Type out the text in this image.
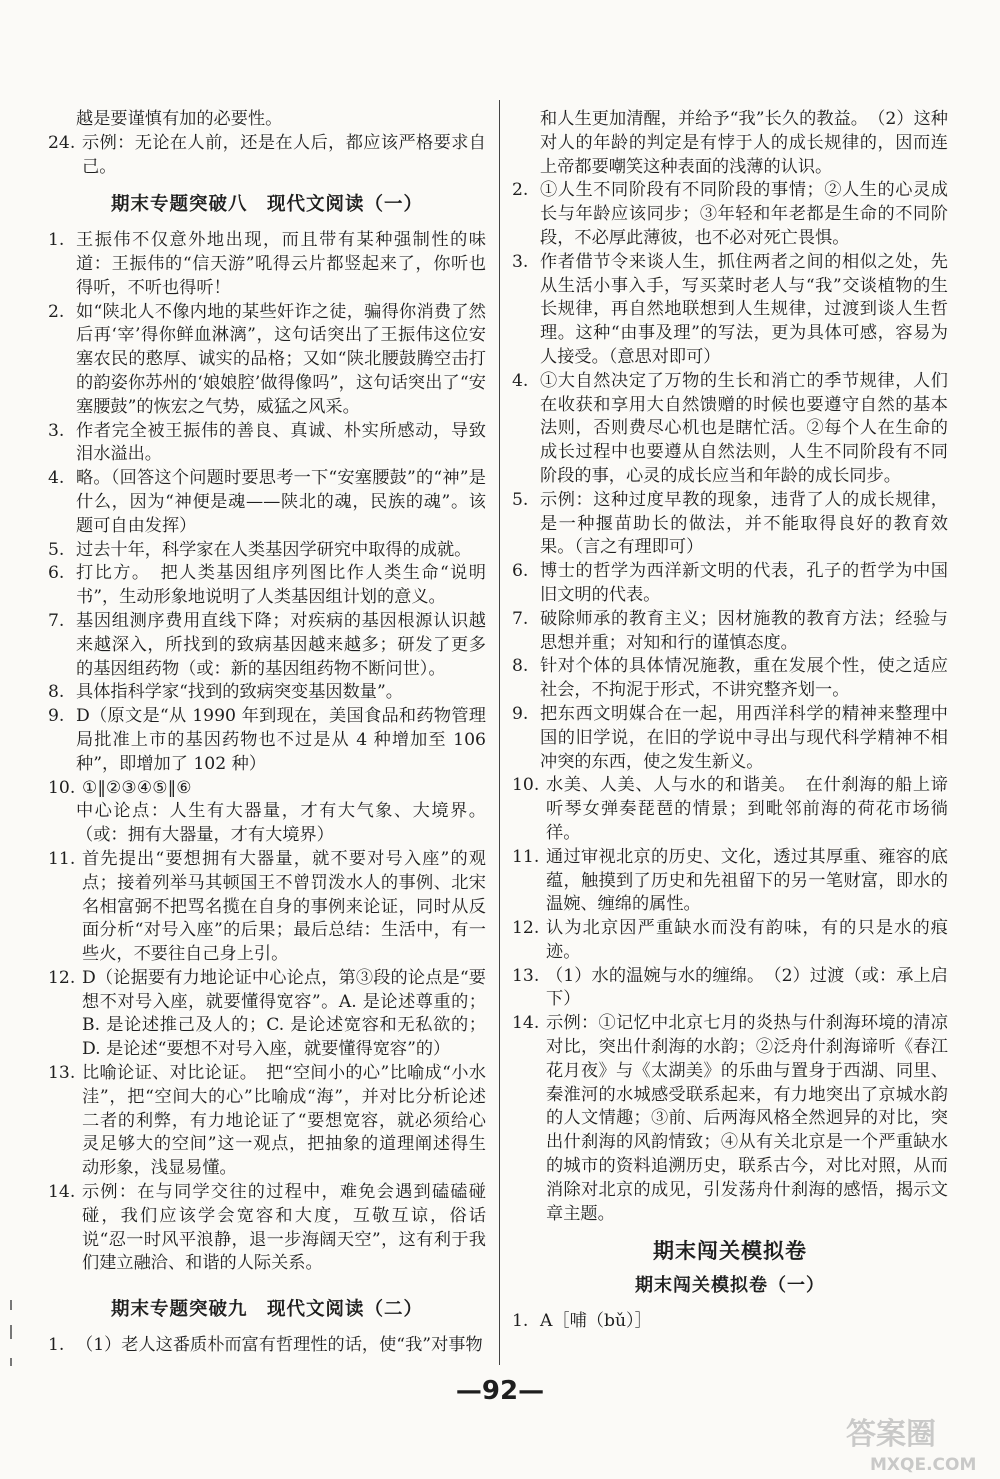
越是要谨慎有加的必要性。
24. 示例：无论在人前，还是在人后，都应该严格要求自己。
期末专题突破八　现代文阅读（一）
1. 王振伟不仅意外地出现，而且带有某种强制性的味道：王振伟的“信天游”吼得云片都竖起来了，你听也得听，不听也得听！
2. 如“陕北人不像内地的某些奸诈之徒，骗得你消费了然后再‘宰’得你鲜血淋漓”，这句话突出了王振伟这位安塞农民的憨厚、诚实的品格；又如“陕北腰鼓腾空击打的韵姿你苏州的‘娘娘腔’做得像吗”，这句话突出了“安塞腰鼓”的恢宏之气势，威猛之风采。
3. 作者完全被王振伟的善良、真诚、朴实所感动，导致泪水溢出。
4. 略。（回答这个问题时要思考一下“安塞腰鼓”的“神”是什么，因为“神便是魂——陕北的魂，民族的魂”。该题可自由发挥）
5. 过去十年，科学家在人类基因学研究中取得的成就。
6. 打比方。　把人类基因组序列图比作人类生命“说明书”，生动形象地说明了人类基因组计划的意义。
7. 基因组测序费用直线下降；对疾病的基因根源认识越来越深入，所找到的致病基因越来越多；研发了更多的基因组药物（或：新的基因组药物不断问世）。
8. 具体指科学家“找到的致病突变基因数量”。
9. D（原文是“从 1990 年到现在，美国食品和药物管理局批准上市的基因药物也不过是从 4 种增加至 106 种”，即增加了 102 种）
10. ①‖②③④⑤‖⑥
中心论点：人生有大器量，才有大气象、大境界。（或：拥有大器量，才有大境界）
11. 首先提出“要想拥有大器量，就不要对号入座”的观点；接着列举马其顿国王不曾罚泼水人的事例、北宋名相富弼不把骂名揽在自身的事例来论证，同时从反面分析“对号入座”的后果；最后总结：生活中，有一些火，不要往自己身上引。
12. D（论据要有力地论证中心论点，第③段的论点是“要想不对号入座，就要懂得宽容”。A. 是论述尊重的；B. 是论述推己及人的；C. 是论述宽容和无私欲的；D. 是论述“要想不对号入座，就要懂得宽容”的）
13. 比喻论证、对比论证。　把“空间小的心”比喻成“小水洼”，把“空间大的心”比喻成“海”，并对比分析论述二者的利弊，有力地论证了“要想宽容，就必须给心灵足够大的空间”这一观点，把抽象的道理阐述得生动形象，浅显易懂。
14. 示例：在与同学交往的过程中，难免会遇到磕磕碰碰，我们应该学会宽容和大度，互敬互谅，俗话说“忍一时风平浪静，退一步海阔天空”，这有利于我们建立融洽、和谐的人际关系。
期末专题突破九　现代文阅读（二）
1. （1）老人这番质朴而富有哲理性的话，使“我”对事物
和人生更加清醒，并给予“我”长久的教益。　（2）这种对人的年龄的判定是有悖于人的成长规律的，因而连上帝都要嘲笑这种表面的浅薄的认识。
2. ①人生不同阶段有不同阶段的事情；②人生的心灵成长与年龄应该同步；③年轻和年老都是生命的不同阶段，不必厚此薄彼，也不必对死亡畏惧。
3. 作者借节令来谈人生，抓住两者之间的相似之处，先从生活小事入手，写买菜时老人与“我”交谈植物的生长规律，再自然地联想到人生规律，过渡到谈人生哲理。这种“由事及理”的写法，更为具体可感，容易为人接受。（意思对即可）
4. ①大自然决定了万物的生长和消亡的季节规律，人们在收获和享用大自然馈赠的时候也要遵守自然的基本法则，否则费尽心机也是瞎忙活。②每个人在生命的成长过程中也要遵从自然法则，人生不同阶段有不同阶段的事，心灵的成长应当和年龄的成长同步。
5. 示例：这种过度早教的现象，违背了人的成长规律，是一种揠苗助长的做法，并不能取得良好的教育效果。（言之有理即可）
6. 博士的哲学为西洋新文明的代表，孔子的哲学为中国旧文明的代表。
7. 破除师承的教育主义；因材施教的教育方法；经验与思想并重；对知和行的谨慎态度。
8. 针对个体的具体情况施教，重在发展个性，使之适应社会，不拘泥于形式，不讲究整齐划一。
9. 把东西文明媒合在一起，用西洋科学的精神来整理中国的旧学说，在旧的学说中寻出与现代科学精神不相冲突的东西，使之发生新义。
10. 水美、人美、人与水的和谐美。　在什刹海的船上谛听琴女弹奏琵琶的情景；到毗邻前海的荷花市场徜徉。
11. 通过审视北京的历史、文化，透过其厚重、雍容的底蕴，触摸到了历史和先祖留下的另一笔财富，即水的温婉、缠绵的属性。
12. 认为北京因严重缺水而没有韵味，有的只是水的痕迹。
13. （1）水的温婉与水的缠绵。　（2）过渡（或：承上启下）
14. 示例：①记忆中北京七月的炎热与什刹海环境的清凉对比，突出什刹海的水韵；②泛舟什刹海谛听《春江花月夜》与《太湖美》的乐曲与置身于西湖、同里、秦淮河的水城感受联系起来，有力地突出了京城水韵的人文情趣；③前、后两海风格全然迥异的对比，突出什刹海的风韵情致；④从有关北京是一个严重缺水的城市的资料追溯历史，联系古今，对比对照，从而消除对北京的成见，引发荡舟什刹海的感悟，揭示文章主题。
期末闯关模拟卷
期末闯关模拟卷（一）
1. A［哺（bǔ）］
—92—
答案圈
MXQE.COM
